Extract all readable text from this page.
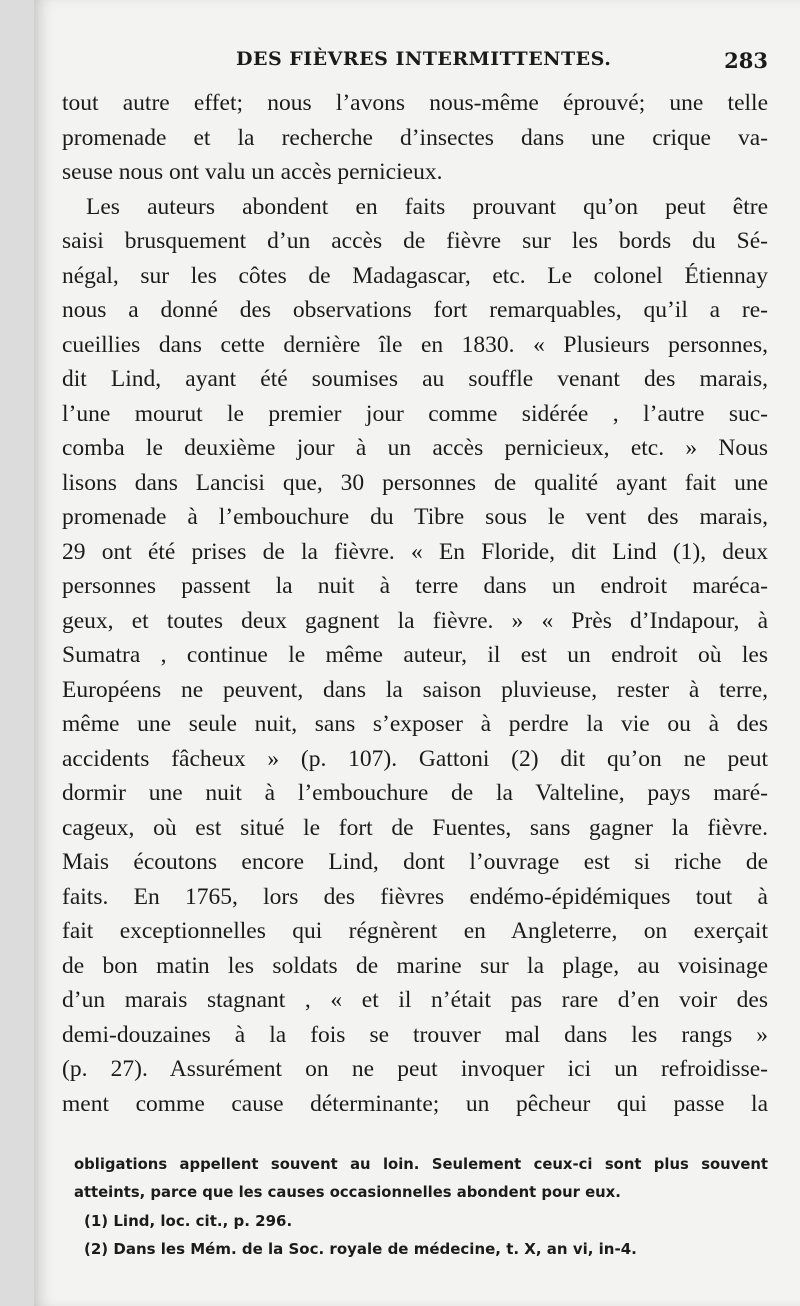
DES FIÈVRES INTERMITTENTES.	283
tout autre effet; nous l’avons nous-même éprouvé; une telle
promenade et la recherche d’insectes dans une crique va-
seuse nous ont valu un accès pernicieux.
Les auteurs abondent en faits prouvant qu’on peut être
saisi brusquement d’un accès de fièvre sur les bords du Sé-
négal, sur les côtes de Madagascar, etc. Le colonel Étiennay
nous a donné des observations fort remarquables, qu’il a re-
cueillies dans cette dernière île en 1830. « Plusieurs personnes,
dit Lind, ayant été soumises au souffle venant des marais,
l’une mourut le premier jour comme sidérée , l’autre suc-
comba le deuxième jour à un accès pernicieux, etc. » Nous
lisons dans Lancisi que, 30 personnes de qualité ayant fait une
promenade à l’embouchure du Tibre sous le vent des marais,
29 ont été prises de la fièvre. « En Floride, dit Lind (1), deux
personnes passent la nuit à terre dans un endroit maréca-
geux, et toutes deux gagnent la fièvre. » « Près d’Indapour, à
Sumatra , continue le même auteur, il est un endroit où les
Européens ne peuvent, dans la saison pluvieuse, rester à terre,
même une seule nuit, sans s’exposer à perdre la vie ou à des
accidents fâcheux » (p. 107). Gattoni (2) dit qu’on ne peut
dormir une nuit à l’embouchure de la Valteline, pays maré-
cageux, où est situé le fort de Fuentes, sans gagner la fièvre.
Mais écoutons encore Lind, dont l’ouvrage est si riche de
faits. En 1765, lors des fièvres endémo-épidémiques tout à
fait exceptionnelles qui régnèrent en Angleterre, on exerçait
de bon matin les soldats de marine sur la plage, au voisinage
d’un marais stagnant , « et il n’était pas rare d’en voir des
demi-douzaines à la fois se trouver mal dans les rangs »
(p. 27). Assurément on ne peut invoquer ici un refroidisse-
ment comme cause déterminante; un pêcheur qui passe la
obligations appellent souvent au loin. Seulement ceux-ci sont plus souvent
atteints, parce que les causes occasionnelles abondent pour eux.
(1) Lind, loc. cit., p. 296.
(2) Dans les Mém. de la Soc. royale de médecine, t. X, an vi, in-4.
